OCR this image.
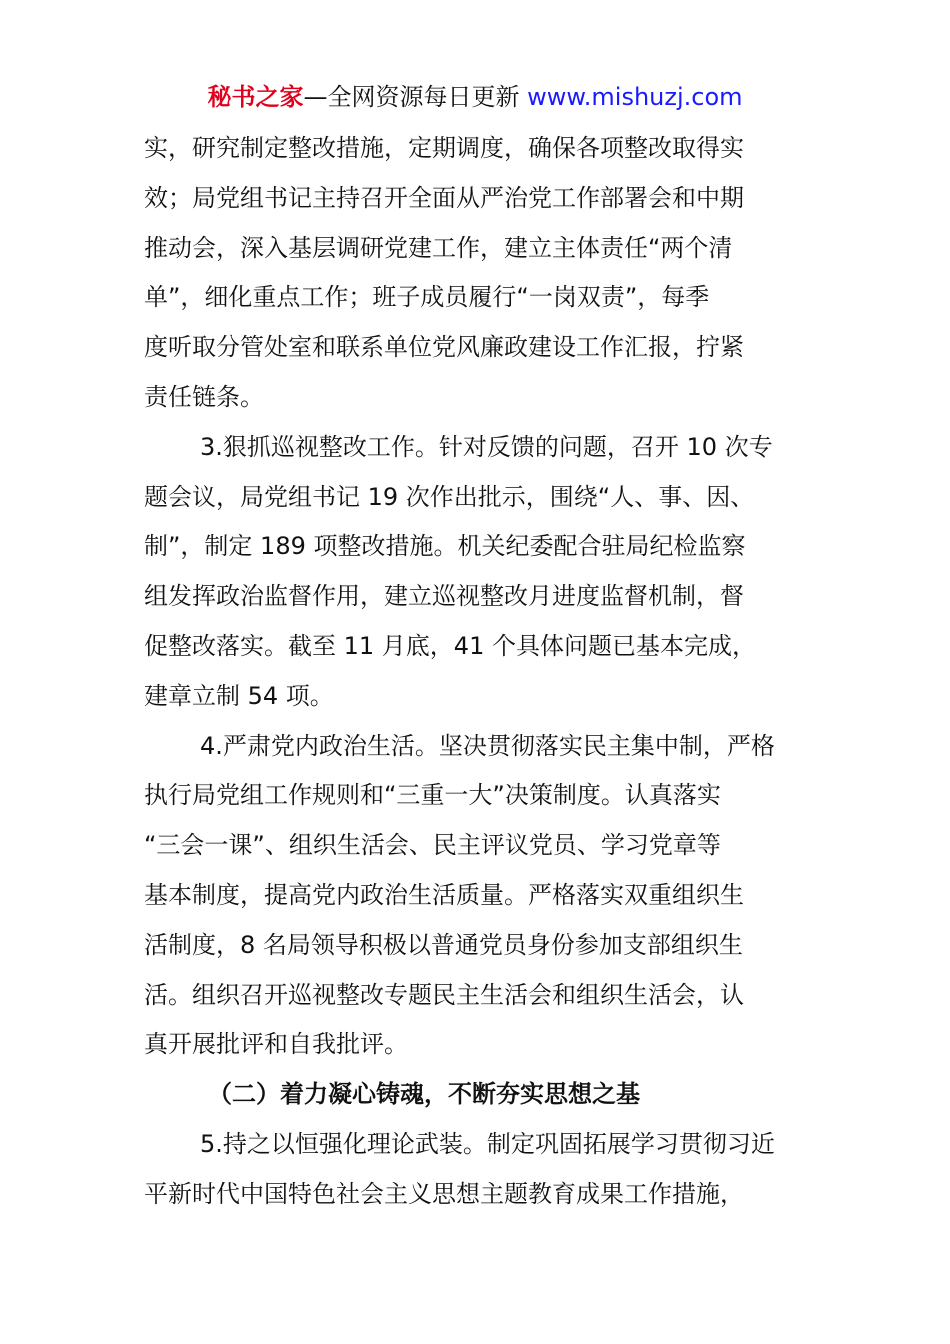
秘书之家—全网资源每日更新 www.mishuzj.com
实，研究制定整改措施，定期调度，确保各项整改取得实
效；局党组书记主持召开全面从严治党工作部署会和中期
推动会，深入基层调研党建工作，建立主体责任“两个清
单”，细化重点工作；班子成员履行“一岗双责”，每季
度听取分管处室和联系单位党风廉政建设工作汇报，拧紧
责任链条。
3.狠抓巡视整改工作。针对反馈的问题，召开 10 次专
题会议，局党组书记 19 次作出批示，围绕“人、事、因、
制”，制定 189 项整改措施。机关纪委配合驻局纪检监察
组发挥政治监督作用，建立巡视整改月进度监督机制，督
促整改落实。截至 11 月底，41 个具体问题已基本完成，
建章立制 54 项。
4.严肃党内政治生活。坚决贯彻落实民主集中制，严格
执行局党组工作规则和“三重一大”决策制度。认真落实
“三会一课”、组织生活会、民主评议党员、学习党章等
基本制度，提高党内政治生活质量。严格落实双重组织生
活制度，8 名局领导积极以普通党员身份参加支部组织生
活。组织召开巡视整改专题民主生活会和组织生活会，认
真开展批评和自我批评。
（二）着力凝心铸魂，不断夯实思想之基
5.持之以恒强化理论武装。制定巩固拓展学习贯彻习近
平新时代中国特色社会主义思想主题教育成果工作措施，
